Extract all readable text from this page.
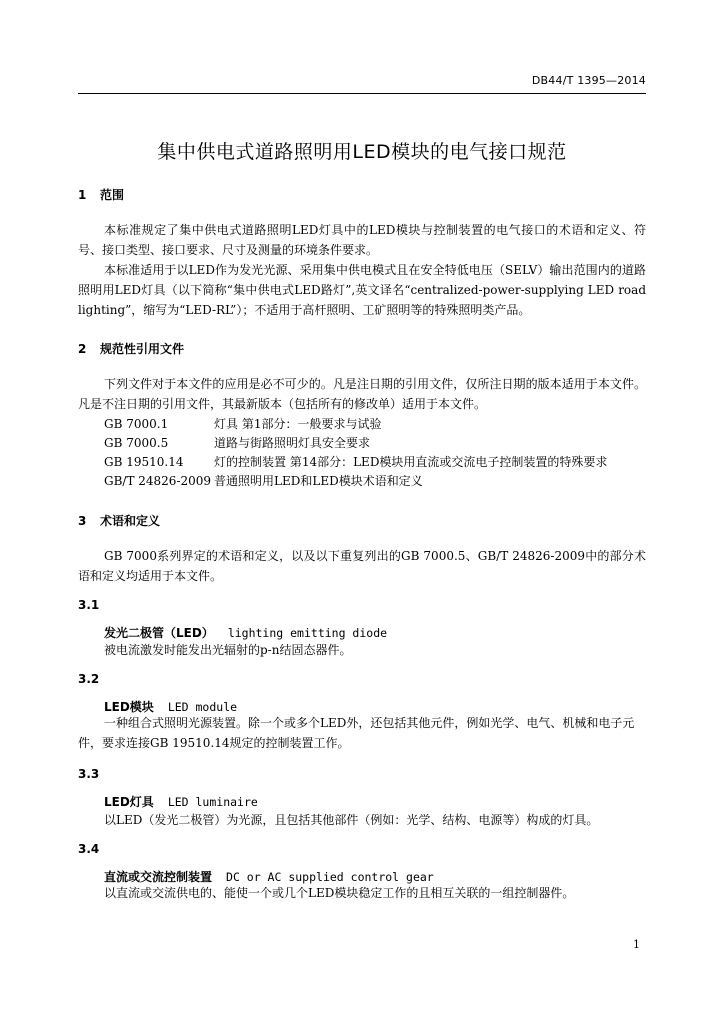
DB44/T 1395—2014
集中供电式道路照明用LED模块的电气接口规范
1 范围
本标准规定了集中供电式道路照明LED灯具中的LED模块与控制装置的电气接口的术语和定义、符号、接口类型、接口要求、尺寸及测量的环境条件要求。
本标准适用于以LED作为发光光源、采用集中供电模式且在安全特低电压（SELV）输出范围内的道路照明用LED灯具（以下简称“集中供电式LED路灯”,英文译名“centralized-power-supplying LED road lighting”，缩写为“LED-RL”）；不适用于高杆照明、工矿照明等的特殊照明类产品。
2 规范性引用文件
下列文件对于本文件的应用是必不可少的。凡是注日期的引用文件，仅所注日期的版本适用于本文件。凡是不注日期的引用文件，其最新版本（包括所有的修改单）适用于本文件。
GB 7000.1	灯具 第1部分：一般要求与试验
GB 7000.5	道路与街路照明灯具安全要求
GB 19510.14	灯的控制装置 第14部分：LED模块用直流或交流电子控制装置的特殊要求
GB/T 24826-2009 普通照明用LED和LED模块术语和定义
3 术语和定义
GB 7000系列界定的术语和定义，以及以下重复列出的GB 7000.5、GB/T 24826-2009中的部分术语和定义均适用于本文件。
3.1
发光二极管（LED） lighting emitting diode
被电流激发时能发出光辐射的p-n结固态器件。
3.2
LED模块 LED module
一种组合式照明光源装置。除一个或多个LED外，还包括其他元件，例如光学、电气、机械和电子元件，要求连接GB 19510.14规定的控制装置工作。
3.3
LED灯具 LED luminaire
以LED（发光二极管）为光源，且包括其他部件（例如：光学、结构、电源等）构成的灯具。
3.4
直流或交流控制装置 DC or AC supplied control gear
以直流或交流供电的、能使一个或几个LED模块稳定工作的且相互关联的一组控制器件。
1
